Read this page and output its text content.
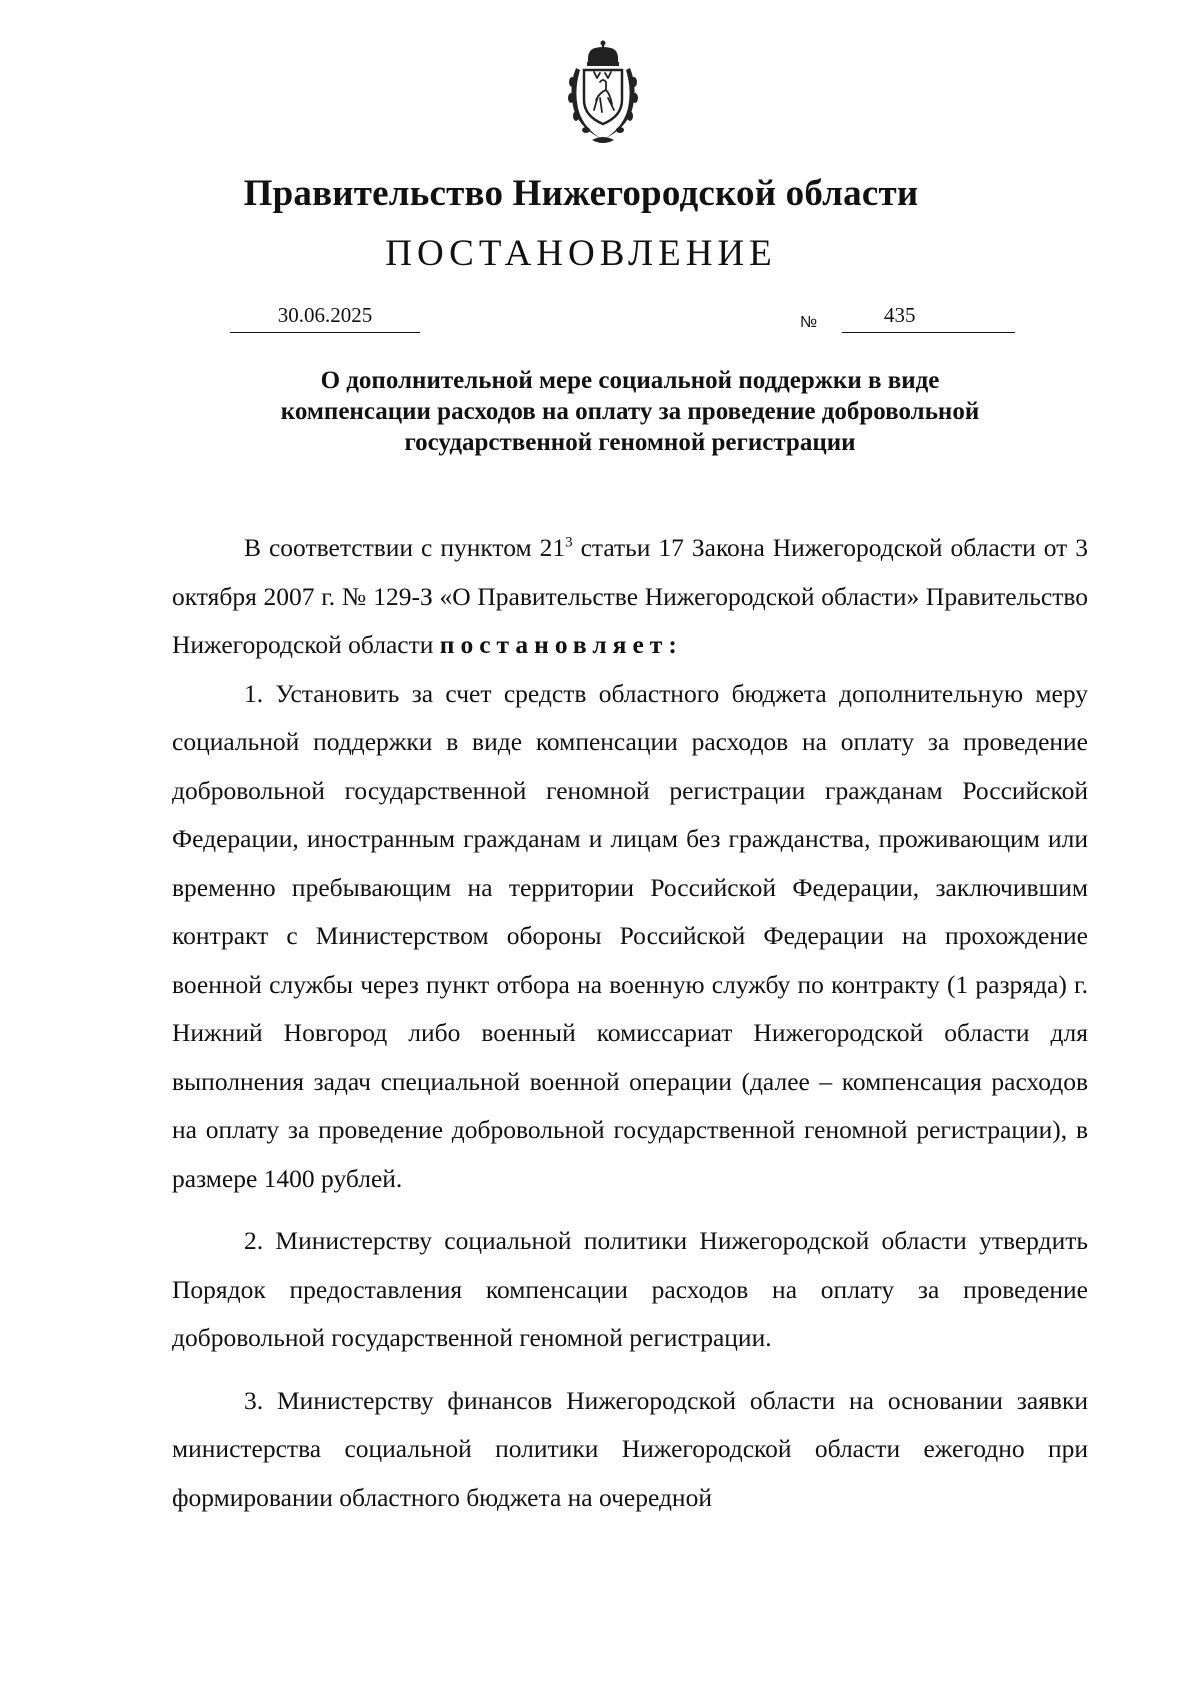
Правительство Нижегородской области
ПОСТАНОВЛЕНИЕ
30.06.2025	№	435
О дополнительной мере социальной поддержки в виде
компенсации расходов на оплату за проведение добровольной
государственной геномной регистрации

В соответствии с пунктом $21^3$ статьи 17 Закона Нижегородской области от 3 октября 2007 г. № 129-З «О Правительстве Нижегородской области» Правительство Нижегородской области постановляет:

1. Установить за счет средств областного бюджета дополнительную меру социальной поддержки в виде компенсации расходов на оплату за проведение добровольной государственной геномной регистрации гражданам Российской Федерации, иностранным гражданам и лицам без гражданства, проживающим или временно пребывающим на территории Российской Федерации, заключившим контракт с Министерством обороны Российской Федерации на прохождение военной службы через пункт отбора на военную службу по контракту (1 разряда) г. Нижний Новгород либо военный комиссариат Нижегородской области для выполнения задач специальной военной операции (далее – компенсация расходов на оплату за проведение добровольной государственной геномной регистрации), в размере 1400 рублей.

2. Министерству социальной политики Нижегородской области утвердить Порядок предоставления компенсации расходов на оплату за проведение добровольной государственной геномной регистрации.

3. Министерству финансов Нижегородской области на основании заявки министерства социальной политики Нижегородской области ежегодно при формировании областного бюджета на очередной
